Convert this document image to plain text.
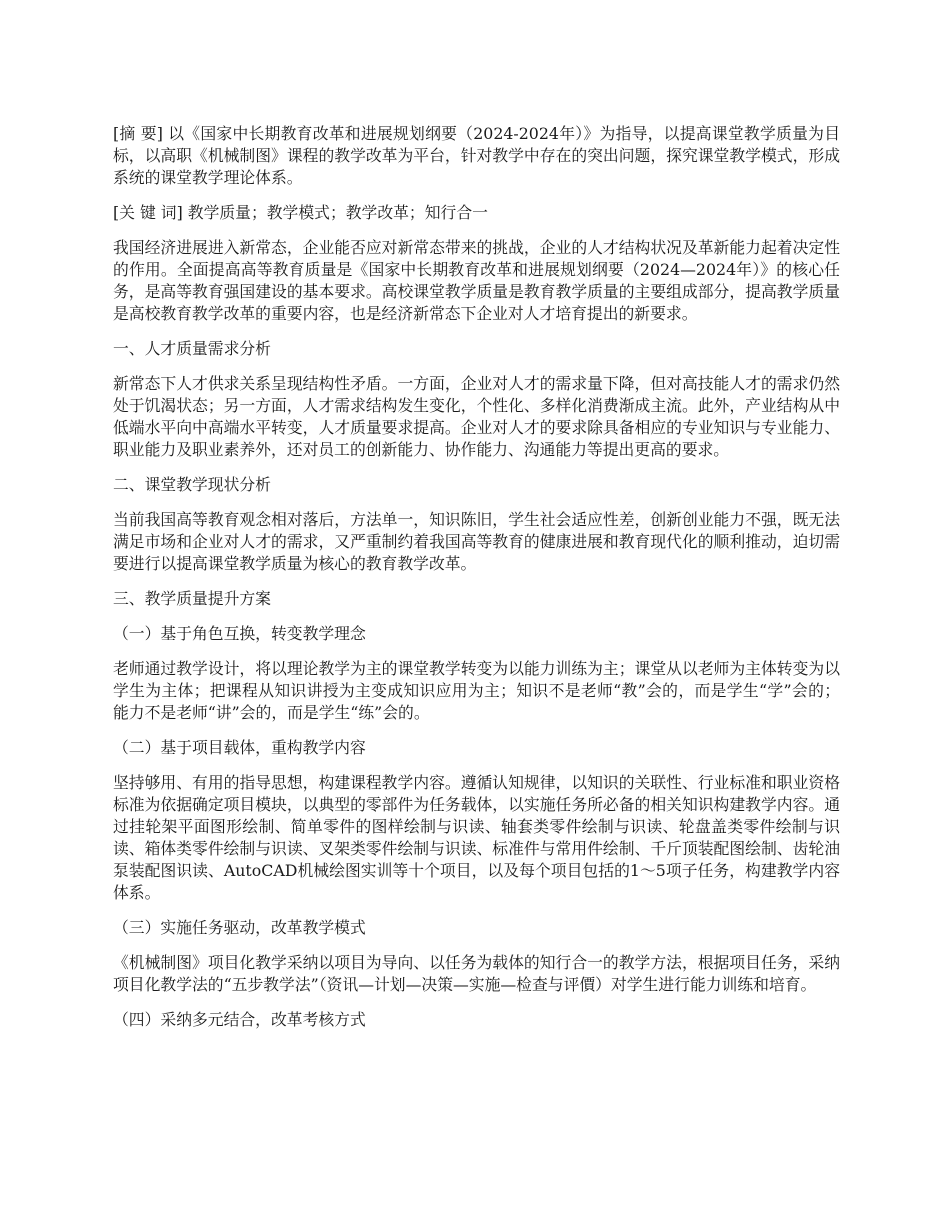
[摘 要] 以《国家中长期教育改革和进展规划纲要（2024-2024年）》为指导，以提高课堂教学质量为目标，以高职《机械制图》课程的教学改革为平台，针对教学中存在的突出问题，探究课堂教学模式，形成系统的课堂教学理论体系。

[关 键 词] 教学质量；教学模式；教学改革；知行合一

我国经济进展进入新常态，企业能否应对新常态带来的挑战，企业的人才结构状况及革新能力起着决定性的作用。全面提高高等教育质量是《国家中长期教育改革和进展规划纲要（2024—2024年）》的核心任务，是高等教育强国建设的基本要求。高校课堂教学质量是教育教学质量的主要组成部分，提高教学质量是高校教育教学改革的重要内容，也是经济新常态下企业对人才培育提出的新要求。

一、人才质量需求分析

新常态下人才供求关系呈现结构性矛盾。一方面，企业对人才的需求量下降，但对高技能人才的需求仍然处于饥渴状态；另一方面，人才需求结构发生变化，个性化、多样化消费渐成主流。此外，产业结构从中低端水平向中高端水平转变，人才质量要求提高。企业对人才的要求除具备相应的专业知识与专业能力、职业能力及职业素养外，还对员工的创新能力、协作能力、沟通能力等提出更高的要求。

二、课堂教学现状分析

当前我国高等教育观念相对落后，方法单一，知识陈旧，学生社会适应性差，创新创业能力不强，既无法满足市场和企业对人才的需求，又严重制约着我国高等教育的健康进展和教育现代化的顺利推动，迫切需要进行以提高课堂教学质量为核心的教育教学改革。

三、教学质量提升方案

（一）基于角色互换，转变教学理念

老师通过教学设计，将以理论教学为主的课堂教学转变为以能力训练为主；课堂从以老师为主体转变为以学生为主体；把课程从知识讲授为主变成知识应用为主；知识不是老师“教”会的，而是学生“学”会的；能力不是老师“讲”会的，而是学生“练”会的。

（二）基于项目载体，重构教学内容

坚持够用、有用的指导思想，构建课程教学内容。遵循认知规律，以知识的关联性、行业标准和职业资格标准为依据确定项目模块，以典型的零部件为任务载体，以实施任务所必备的相关知识构建教学内容。通过挂轮架平面图形绘制、简单零件的图样绘制与识读、轴套类零件绘制与识读、轮盘盖类零件绘制与识读、箱体类零件绘制与识读、叉架类零件绘制与识读、标准件与常用件绘制、千斤顶装配图绘制、齿轮油泵装配图识读、AutoCAD机械绘图实训等十个项目，以及每个项目包括的1～5项子任务，构建教学内容体系。

（三）实施任务驱动，改革教学模式

《机械制图》项目化教学采纳以项目为导向、以任务为载体的知行合一的教学方法，根据项目任务，采纳项目化教学法的“五步教学法”（资讯—计划—决策—实施—检查与评價）对学生进行能力训练和培育。

（四）采纳多元结合，改革考核方式
